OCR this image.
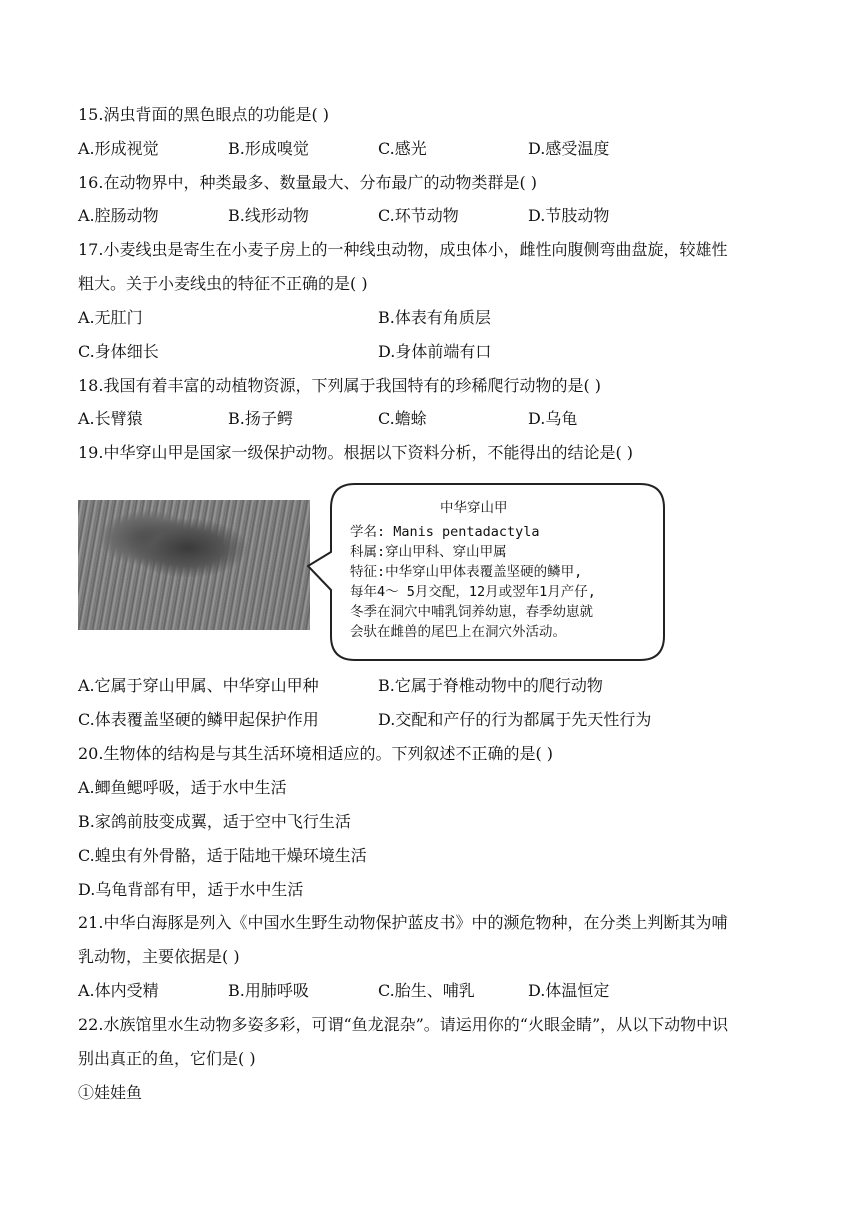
15.涡虫背面的黑色眼点的功能是( )
A.形成视觉	B.形成嗅觉	C.感光	D.感受温度
16.在动物界中，种类最多、数量最大、分布最广的动物类群是( )
A.腔肠动物	B.线形动物	C.环节动物	D.节肢动物
17.小麦线虫是寄生在小麦子房上的一种线虫动物，成虫体小，雌性向腹侧弯曲盘旋，较雄性
粗大。关于小麦线虫的特征不正确的是( )
A.无肛门	B.体表有角质层
C.身体细长	D.身体前端有口
18.我国有着丰富的动植物资源，下列属于我国特有的珍稀爬行动物的是( )
A.长臂猿	B.扬子鳄	C.蟾蜍	D.乌龟
19.中华穿山甲是国家一级保护动物。根据以下资料分析，不能得出的结论是( )
中华穿山甲
学名: Manis pentadactyla
科属:穿山甲科、穿山甲属
特征:中华穿山甲体表覆盖坚硬的鳞甲,
每年4～ 5月交配，12月或翌年1月产仔,
冬季在洞穴中哺乳饲养幼崽，春季幼崽就
会驮在雌兽的尾巴上在洞穴外活动。
A.它属于穿山甲属、中华穿山甲种	B.它属于脊椎动物中的爬行动物
C.体表覆盖坚硬的鳞甲起保护作用	D.交配和产仔的行为都属于先天性行为
20.生物体的结构是与其生活环境相适应的。下列叙述不正确的是( )
A.鲫鱼鳃呼吸，适于水中生活
B.家鸽前肢变成翼，适于空中飞行生活
C.蝗虫有外骨骼，适于陆地干燥环境生活
D.乌龟背部有甲，适于水中生活
21.中华白海豚是列入《中国水生野生动物保护蓝皮书》中的濒危物种，在分类上判断其为哺
乳动物，主要依据是( )
A.体内受精	B.用肺呼吸	C.胎生、哺乳	D.体温恒定
22.水族馆里水生动物多姿多彩，可谓“鱼龙混杂”。请运用你的“火眼金睛”，从以下动物中识
别出真正的鱼，它们是( )
①娃娃鱼
